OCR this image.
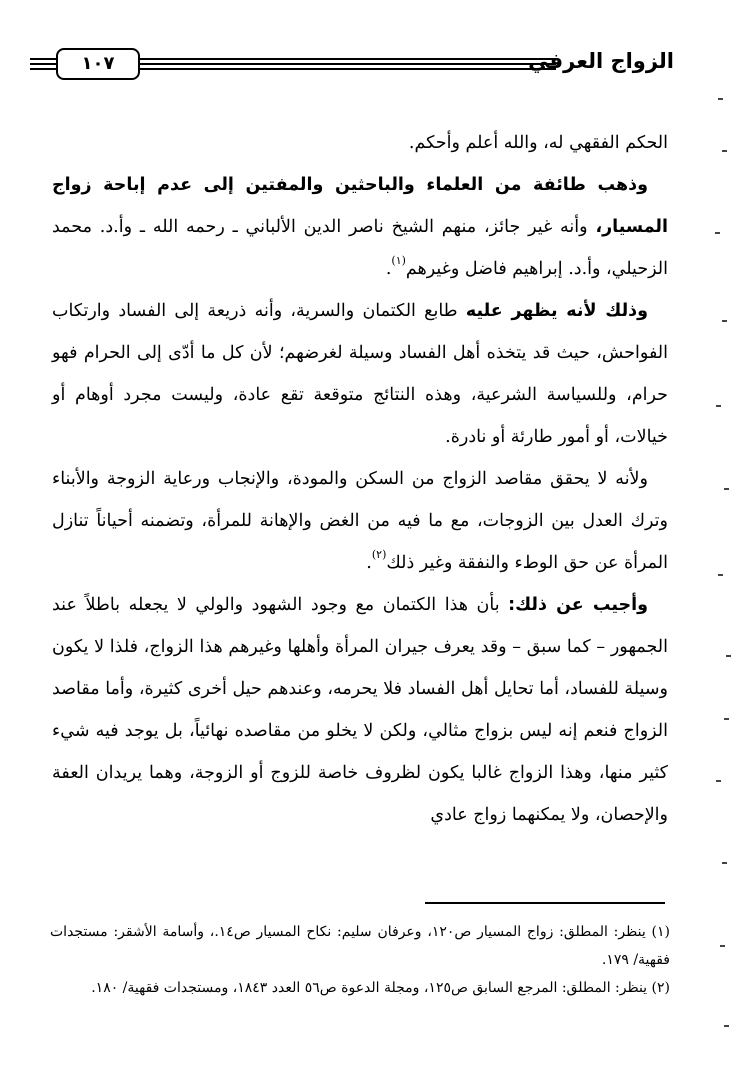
١٠٧	الزواج العرفي

الحكم الفقهي له، والله أعلم وأحكم.

وذهب طائفة من العلماء والباحثين والمفتين إلى عدم إباحة زواج المسيار، وأنه غير جائز، منهم الشيخ ناصر الدين الألباني ـ رحمه الله ـ وأ.د. محمد الزحيلي، وأ.د. إبراهيم فاضل وغيرهم$^{(١)}$.

وذلك لأنه يظهر عليه طابع الكتمان والسرية، وأنه ذريعة إلى الفساد وارتكاب الفواحش، حيث قد يتخذه أهل الفساد وسيلة لغرضهم؛ لأن كل ما أدّى إلى الحرام فهو حرام، وللسياسة الشرعية، وهذه النتائج متوقعة تقع عادة، وليست مجرد أوهام أو خيالات، أو أمور طارئة أو نادرة.

ولأنه لا يحقق مقاصد الزواج من السكن والمودة، والإنجاب ورعاية الزوجة والأبناء وترك العدل بين الزوجات، مع ما فيه من الغض والإهانة للمرأة، وتضمنه أحياناً تنازل المرأة عن حق الوطء والنفقة وغير ذلك$^{(٢)}$.

وأجيب عن ذلك: بأن هذا الكتمان مع وجود الشهود والولي لا يجعله باطلاً عند الجمهور – كما سبق – وقد يعرف جيران المرأة وأهلها وغيرهم هذا الزواج، فلذا لا يكون وسيلة للفساد، أما تحايل أهل الفساد فلا يحرمه، وعندهم حيل أخرى كثيرة، وأما مقاصد الزواج فنعم إنه ليس بزواج مثالي، ولكن لا يخلو من مقاصده نهائياً، بل يوجد فيه شيء كثير منها، وهذا الزواج غالبا يكون لظروف خاصة للزوج أو الزوجة، وهما يريدان العفة والإحصان، ولا يمكنهما زواج عادي

(١) ينظر: المطلق: زواج المسيار ص١٢٠، وعرفان سليم: نكاح المسيار ص١٤.، وأسامة الأشقر: مستجدات فقهية/ ١٧٩.

(٢) ينظر: المطلق: المرجع السابق ص١٢٥، ومجلة الدعوة ص٥٦ العدد ١٨٤٣، ومستجدات فقهية/ ١٨٠.
